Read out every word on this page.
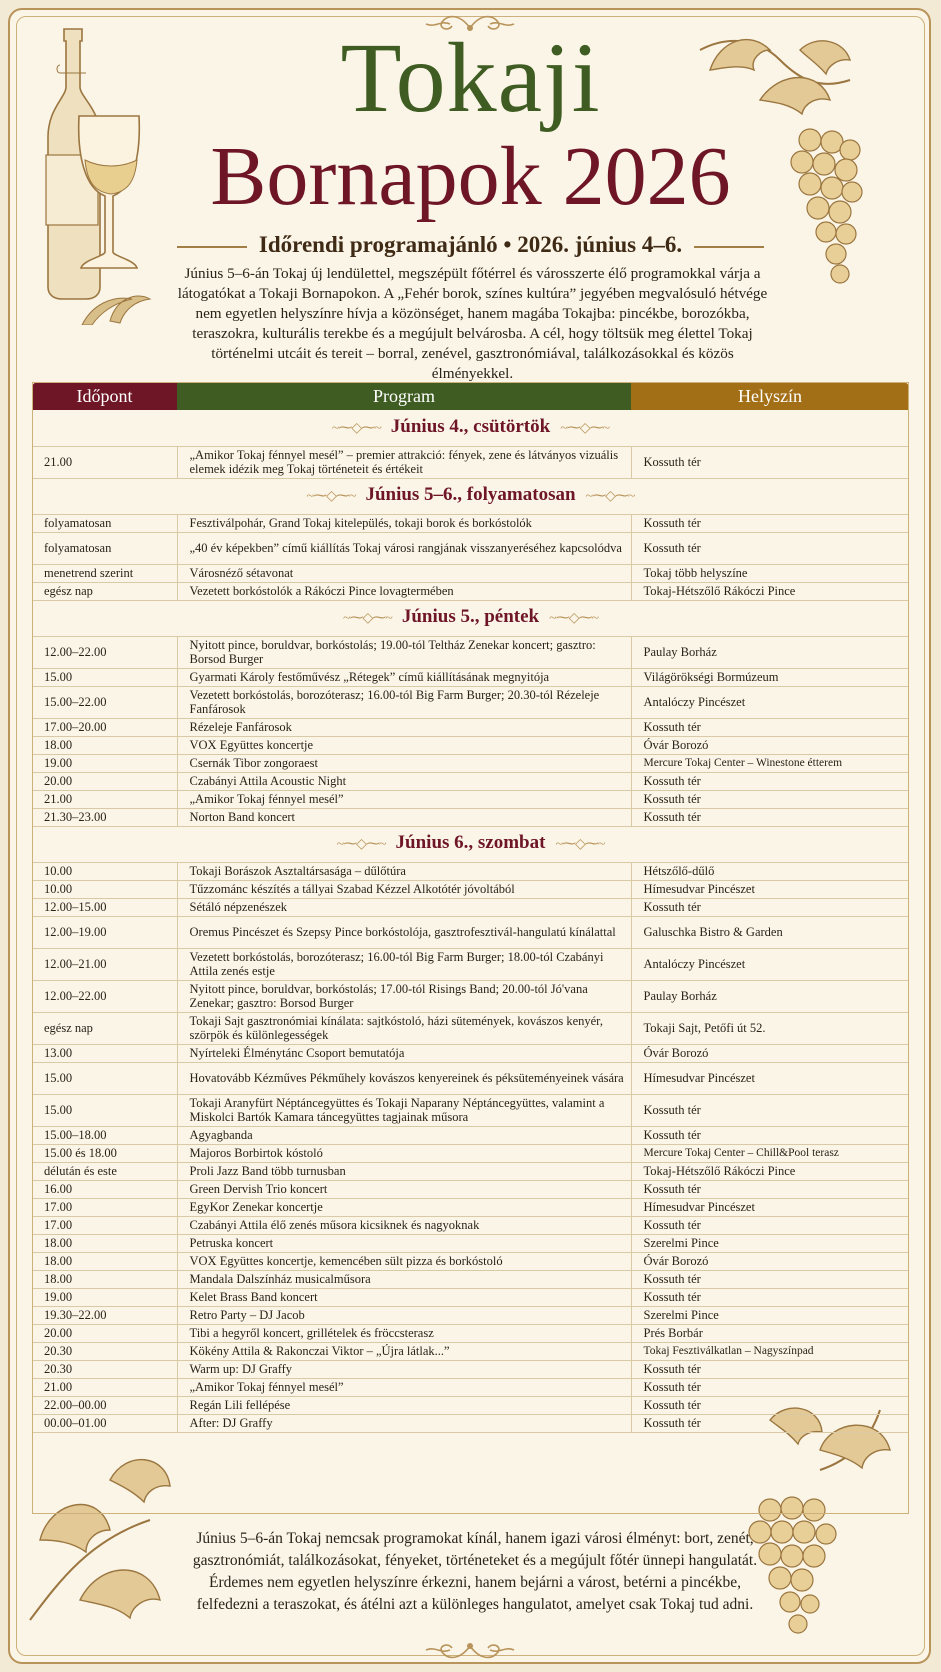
Tokaji
Bornapok 2026
Időrendi programajánló • 2026. június 4–6.
Június 5–6-án Tokaj új lendülettel, megszépült főtérrel és városszerte élő programokkal várja a látogatókat a Tokaji Bornapokon. A „Fehér borok, színes kultúra” jegyében megvalósuló hétvége nem egyetlen helyszínre hívja a közönséget, hanem magába Tokajba: pincékbe, borozókba, teraszokra, kulturális terekbe és a megújult belvárosba. A cél, hogy töltsük meg élettel Tokaj történelmi utcáit és tereit – borral, zenével, gasztronómiával, találkozásokkal és közös élményekkel.
Időpont	Program	Helyszín
~⁓◇⁓~ Június 4., csütörtök ~⁓◇⁓~		
21.00	„Amikor Tokaj fénnyel mesél” – premier attrakció: fények, zene és látványos vizuális elemek idézik meg Tokaj történeteit és értékeit	Kossuth tér
~⁓◇⁓~ Június 5–6., folyamatosan ~⁓◇⁓~		
folyamatosan	Fesztiválpohár, Grand Tokaj kitelepülés, tokaji borok és borkóstolók	Kossuth tér
folyamatosan	„40 év képekben” című kiállítás Tokaj városi rangjának visszanyeréséhez kapcsolódva	Kossuth tér
menetrend szerint	Városnéző sétavonat	Tokaj több helyszíne
egész nap	Vezetett borkóstolók a Rákóczi Pince lovagtermében	Tokaj-Hétszőlő Rákóczi Pince
~⁓◇⁓~ Június 5., péntek ~⁓◇⁓~		
12.00–22.00	Nyitott pince, boruldvar, borkóstolás; 19.00-tól Teltház Zenekar koncert; gasztro: Borsod Burger	Paulay Borház
15.00	Gyarmati Károly festőművész „Rétegek” című kiállításának megnyitója	Világörökségi Bormúzeum
15.00–22.00	Vezetett borkóstolás, borozóterasz; 16.00-tól Big Farm Burger; 20.30-tól Rézeleje Fanfárosok	Antalóczy Pincészet
17.00–20.00	Rézeleje Fanfárosok	Kossuth tér
18.00	VOX Együttes koncertje	Óvár Borozó
19.00	Csernák Tibor zongoraest	Mercure Tokaj Center – Winestone étterem
20.00	Czabányi Attila Acoustic Night	Kossuth tér
21.00	„Amikor Tokaj fénnyel mesél”	Kossuth tér
21.30–23.00	Norton Band koncert	Kossuth tér
~⁓◇⁓~ Június 6., szombat ~⁓◇⁓~		
10.00	Tokaji Borászok Asztaltársasága – dűlőtúra	Hétszőlő-dűlő
10.00	Tűzzománc készítés a tállyai Szabad Kézzel Alkotótér jóvoltából	Hímesudvar Pincészet
12.00–15.00	Sétáló népzenészek	Kossuth tér
12.00–19.00	Oremus Pincészet és Szepsy Pince borkóstolója, gasztrofesztivál-hangulatú kínálattal	Galuschka Bistro & Garden
12.00–21.00	Vezetett borkóstolás, borozóterasz; 16.00-tól Big Farm Burger; 18.00-tól Czabányi Attila zenés estje	Antalóczy Pincészet
12.00–22.00	Nyitott pince, boruldvar, borkóstolás; 17.00-tól Risings Band; 20.00-tól Jó'vana Zenekar; gasztro: Borsod Burger	Paulay Borház
egész nap	Tokaji Sajt gasztronómiai kínálata: sajtkóstoló, házi sütemények, kovászos kenyér, szörpök és különlegességek	Tokaji Sajt, Petőfi út 52.
13.00	Nyírteleki Élménytánc Csoport bemutatója	Óvár Borozó
15.00	Hovatovább Kézműves Pékműhely kovászos kenyereinek és péksüteményeinek vására	Hímesudvar Pincészet
15.00	Tokaji Aranyfürt Néptáncegyüttes és Tokaji Naparany Néptáncegyüttes, valamint a Miskolci Bartók Kamara táncegyüttes tagjainak műsora	Kossuth tér
15.00–18.00	Agyagbanda	Kossuth tér
15.00 és 18.00	Majoros Borbirtok kóstoló	Mercure Tokaj Center – Chill&Pool terasz
délután és este	Proli Jazz Band több turnusban	Tokaj-Hétszőlő Rákóczi Pince
16.00	Green Dervish Trio koncert	Kossuth tér
17.00	EgyKor Zenekar koncertje	Hímesudvar Pincészet
17.00	Czabányi Attila élő zenés műsora kicsiknek és nagyoknak	Kossuth tér
18.00	Petruska koncert	Szerelmi Pince
18.00	VOX Együttes koncertje, kemencében sült pizza és borkóstoló	Óvár Borozó
18.00	Mandala Dalszínház musicalműsora	Kossuth tér
19.00	Kelet Brass Band koncert	Kossuth tér
19.30–22.00	Retro Party – DJ Jacob	Szerelmi Pince
20.00	Tibi a hegyről koncert, grillételek és fröccsterasz	Prés Borbár
20.30	Kökény Attila & Rakonczai Viktor – „Újra látlak...”	Tokaj Fesztiválkatlan – Nagyszínpad
20.30	Warm up: DJ Graffy	Kossuth tér
21.00	„Amikor Tokaj fénnyel mesél”	Kossuth tér
22.00–00.00	Regán Lili fellépése	Kossuth tér
00.00–01.00	After: DJ Graffy	Kossuth tér
Június 5–6-án Tokaj nemcsak programokat kínál, hanem igazi városi élményt: bort, zenét, gasztronómiát, találkozásokat, fényeket, történeteket és a megújult főtér ünnepi hangulatát. Érdemes nem egyetlen helyszínre érkezni, hanem bejárni a várost, betérni a pincékbe, felfedezni a teraszokat, és átélni azt a különleges hangulatot, amelyet csak Tokaj tud adni.
